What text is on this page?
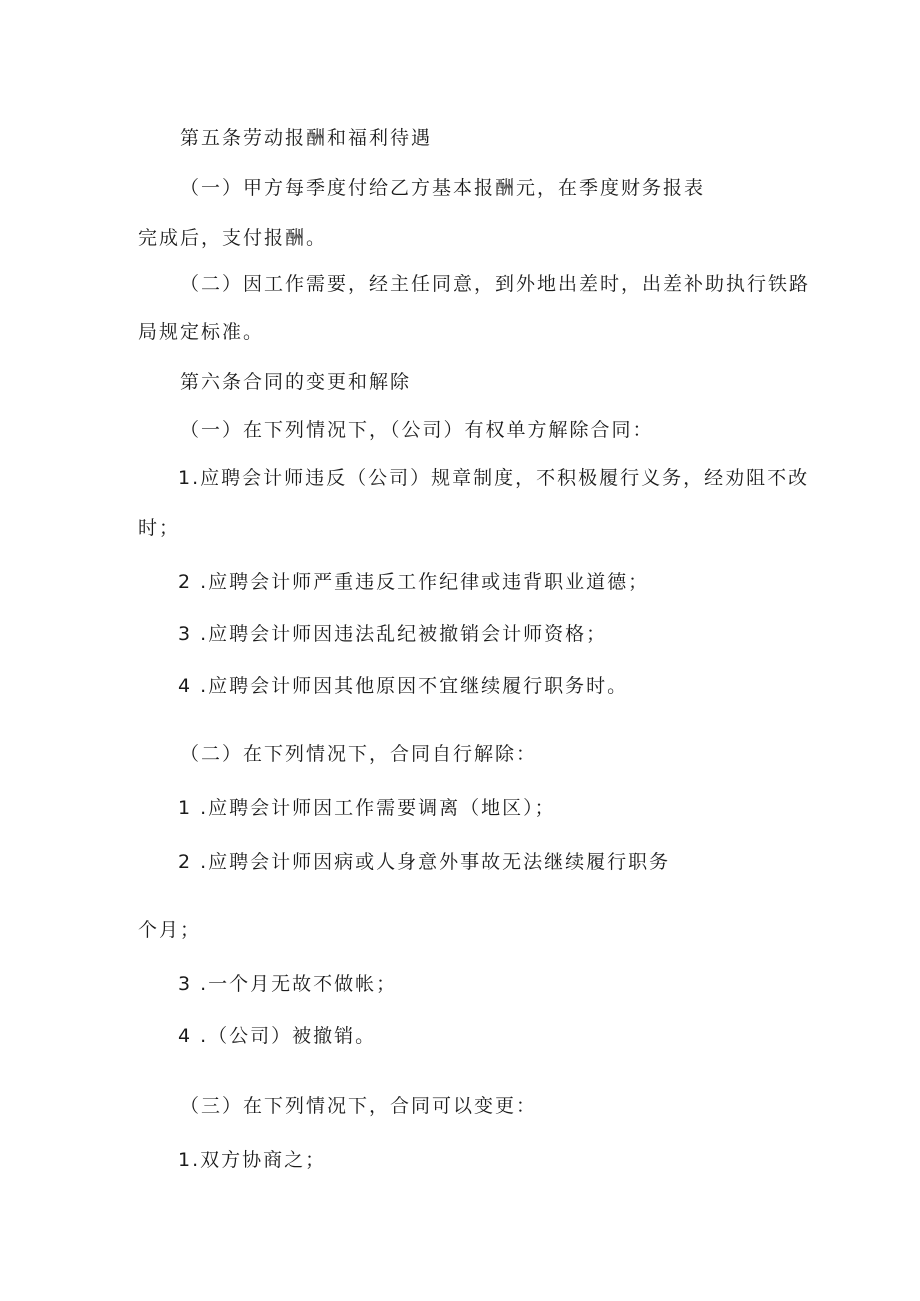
第五条劳动报酬和福利待遇
（一）甲方每季度付给乙方基本报酬元，在季度财务报表
完成后，支付报酬。
（二）因工作需要，经主任同意，到外地出差时，出差补助执行铁路
局规定标准。
第六条合同的变更和解除
（一）在下列情况下，（公司）有权单方解除合同：
1.应聘会计师违反（公司）规章制度，不积极履行义务，经劝阻不改
时；
2 .应聘会计师严重违反工作纪律或违背职业道德；
3 .应聘会计师因违法乱纪被撤销会计师资格；
4 .应聘会计师因其他原因不宜继续履行职务时。
（二）在下列情况下，合同自行解除：
1 .应聘会计师因工作需要调离（地区）；
2 .应聘会计师因病或人身意外事故无法继续履行职务
个月；
3 .一个月无故不做帐；
4 .（公司）被撤销。
（三）在下列情况下，合同可以变更：
1.双方协商之；
